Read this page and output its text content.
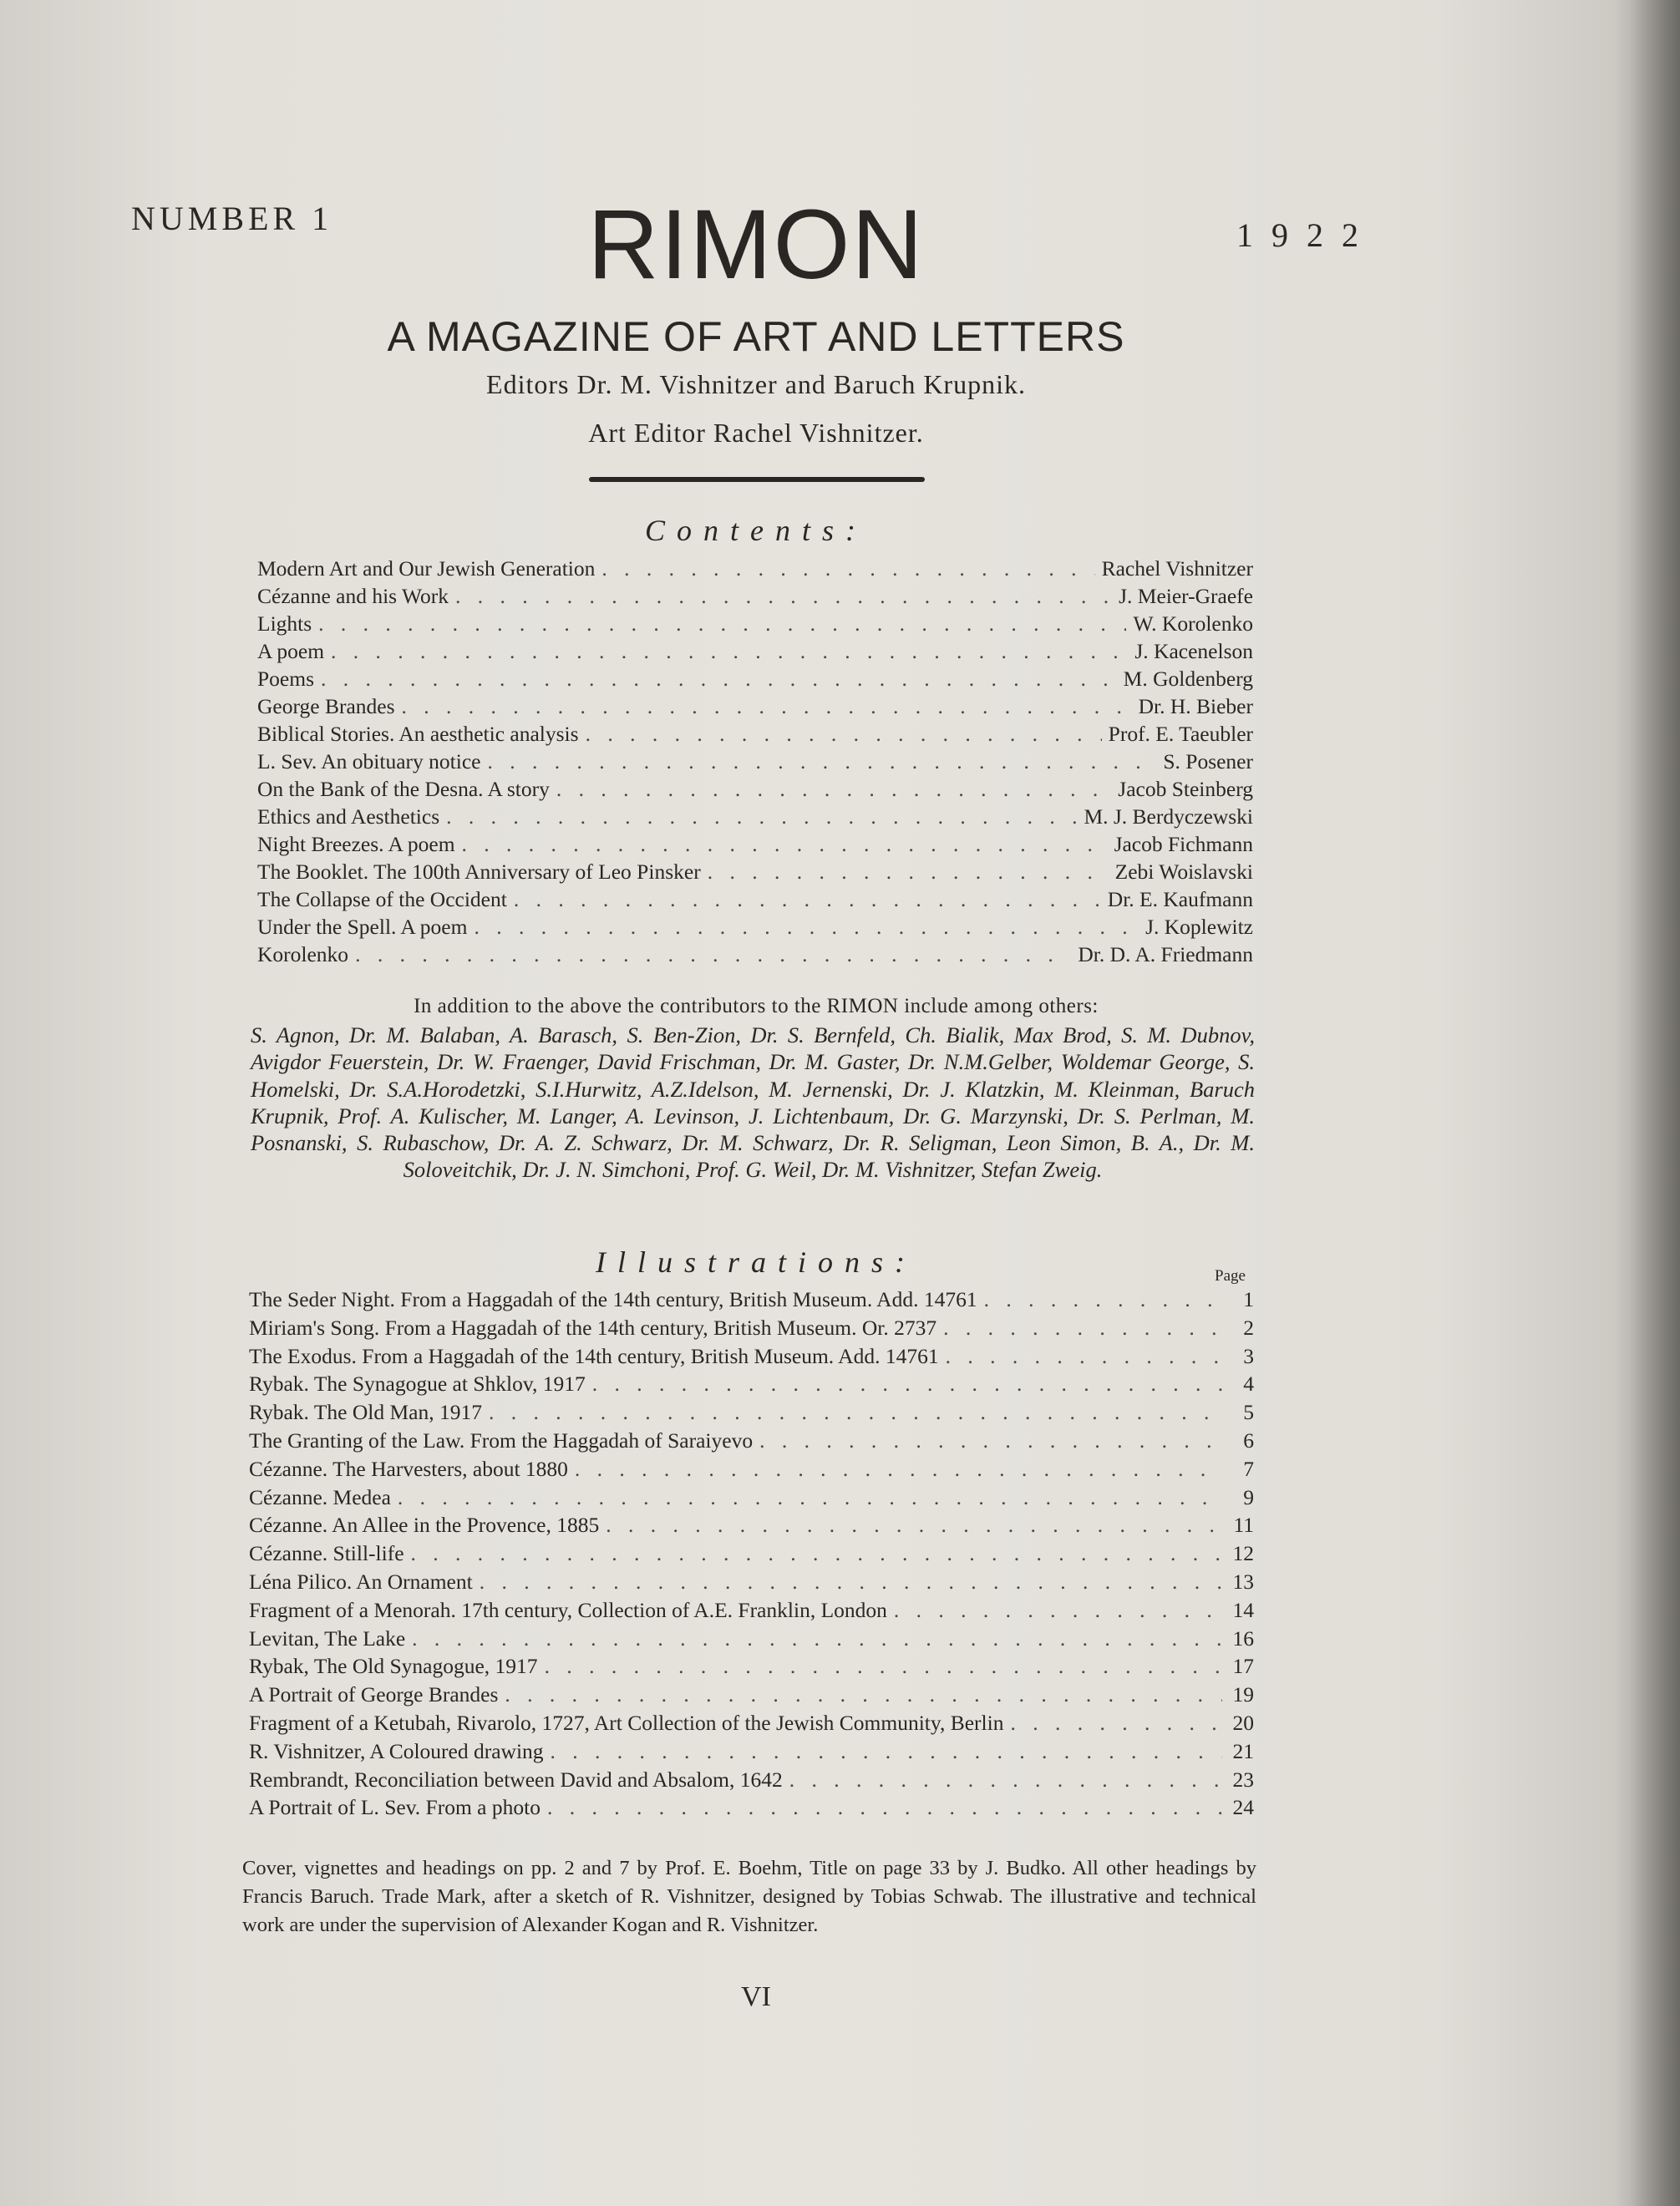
NUMBER 1	1922
RIMON
A MAGAZINE OF ART AND LETTERS
Editors Dr. M. Vishnitzer and Baruch Krupnik.
Art Editor Rachel Vishnitzer.
Contents:
Modern Art and Our Jewish Generation . . .	Rachel Vishnitzer
Cézanne and his Work . . .	J. Meier-Graefe
Lights . . .	W. Korolenko
A poem . . .	J. Kacenelson
Poems . . .	M. Goldenberg
George Brandes . . .	Dr. H. Bieber
Biblical Stories. An aesthetic analysis . . .	Prof. E. Taeubler
L. Sev. An obituary notice . . .	S. Posener
On the Bank of the Desna. A story . . .	Jacob Steinberg
Ethics and Aesthetics . . .	M. J. Berdyczewski
Night Breezes. A poem . . .	Jacob Fichmann
The Booklet. The 100th Anniversary of Leo Pinsker . . .	Zebi Woislavski
The Collapse of the Occident . . .	Dr. E. Kaufmann
Under the Spell. A poem . . .	J. Koplewitz
Korolenko . . .	Dr. D. A. Friedmann
In addition to the above the contributors to the RIMON include among others:
S. Agnon, Dr. M. Balaban, A. Barasch, S. Ben-Zion, Dr. S. Bernfeld, Ch. Bialik, Max Brod, S. M. Dubnov, Avigdor Feuerstein, Dr. W. Fraenger, David Frischman, Dr. M. Gaster, Dr. N.M.Gelber, Woldemar George, S. Homelski, Dr. S.A.Horodetzki, S.I.Hurwitz, A.Z.Idelson, M. Jernenski, Dr. J. Klatzkin, M. Kleinman, Baruch Krupnik, Prof. A. Kulischer, M. Langer, A. Levinson, J. Lichtenbaum, Dr. G. Marzynski, Dr. S. Perlman, M. Posnanski, S. Rubaschow, Dr. A. Z. Schwarz, Dr. M. Schwarz, Dr. R. Seligman, Leon Simon, B. A., Dr. M. Soloveitchik, Dr. J. N. Simchoni, Prof. G. Weil, Dr. M. Vishnitzer, Stefan Zweig.
Illustrations:	Page
The Seder Night. From a Haggadah of the 14th century, British Museum. Add. 14761 . . .	1
Miriam's Song. From a Haggadah of the 14th century, British Museum. Or. 2737 . . .	2
The Exodus. From a Haggadah of the 14th century, British Museum. Add. 14761 . . .	3
Rybak. The Synagogue at Shklov, 1917 . . .	4
Rybak. The Old Man, 1917 . . .	5
The Granting of the Law. From the Haggadah of Saraiyevo . . .	6
Cézanne. The Harvesters, about 1880 . . .	7
Cézanne. Medea . . .	9
Cézanne. An Allee in the Provence, 1885 . . .	11
Cézanne. Still-life . . .	12
Léna Pilico. An Ornament . . .	13
Fragment of a Menorah. 17th century, Collection of A.E. Franklin, London . . .	14
Levitan, The Lake . . .	16
Rybak, The Old Synagogue, 1917 . . .	17
A Portrait of George Brandes . . .	19
Fragment of a Ketubah, Rivarolo, 1727, Art Collection of the Jewish Community, Berlin . . .	20
R. Vishnitzer, A Coloured drawing . . .	21
Rembrandt, Reconciliation between David and Absalom, 1642 . . .	23
A Portrait of L. Sev. From a photo . . .	24
Cover, vignettes and headings on pp. 2 and 7 by Prof. E. Boehm, Title on page 33 by J. Budko. All other headings by Francis Baruch. Trade Mark, after a sketch of R. Vishnitzer, designed by Tobias Schwab. The illustrative and technical work are under the supervision of Alexander Kogan and R. Vishnitzer.
VI
